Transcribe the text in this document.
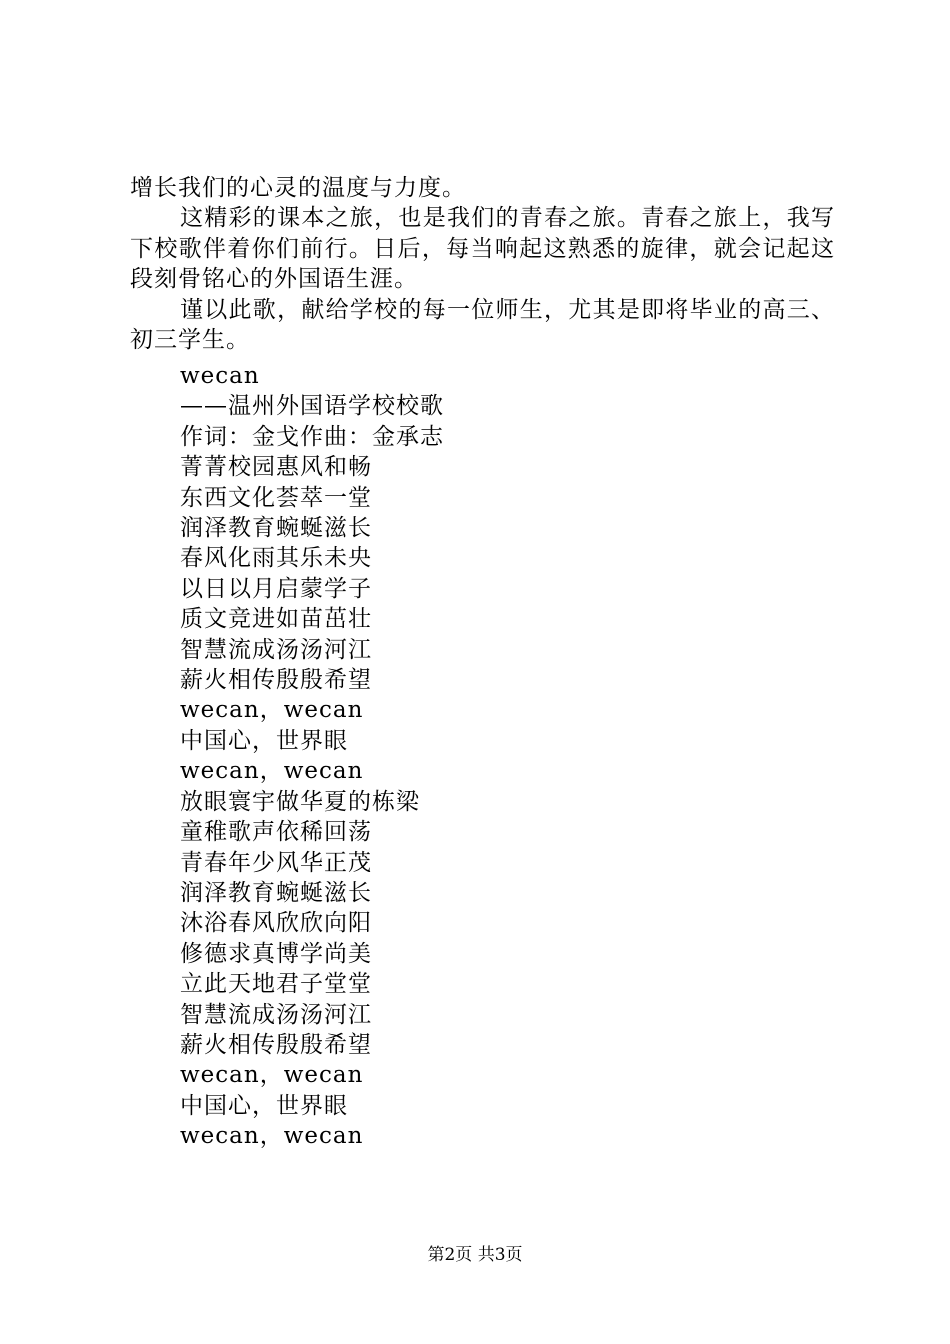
增长我们的心灵的温度与力度。

这精彩的课本之旅，也是我们的青春之旅。青春之旅上，我写下校歌伴着你们前行。日后，每当响起这熟悉的旋律，就会记起这段刻骨铭心的外国语生涯。

谨以此歌，献给学校的每一位师生，尤其是即将毕业的高三、初三学生。

wecan

——温州外国语学校校歌

作词：金戈作曲：金承志

菁菁校园惠风和畅

东西文化荟萃一堂

润泽教育蜿蜒滋长

春风化雨其乐未央

以日以月启蒙学子

质文竞进如苗茁壮

智慧流成汤汤河江

薪火相传殷殷希望

wecan，wecan

中国心，世界眼

wecan，wecan

放眼寰宇做华夏的栋梁

童稚歌声依稀回荡

青春年少风华正茂

润泽教育蜿蜒滋长

沐浴春风欣欣向阳

修德求真博学尚美

立此天地君子堂堂

智慧流成汤汤河江

薪火相传殷殷希望

wecan，wecan

中国心，世界眼

wecan，wecan

第2页 共3页
